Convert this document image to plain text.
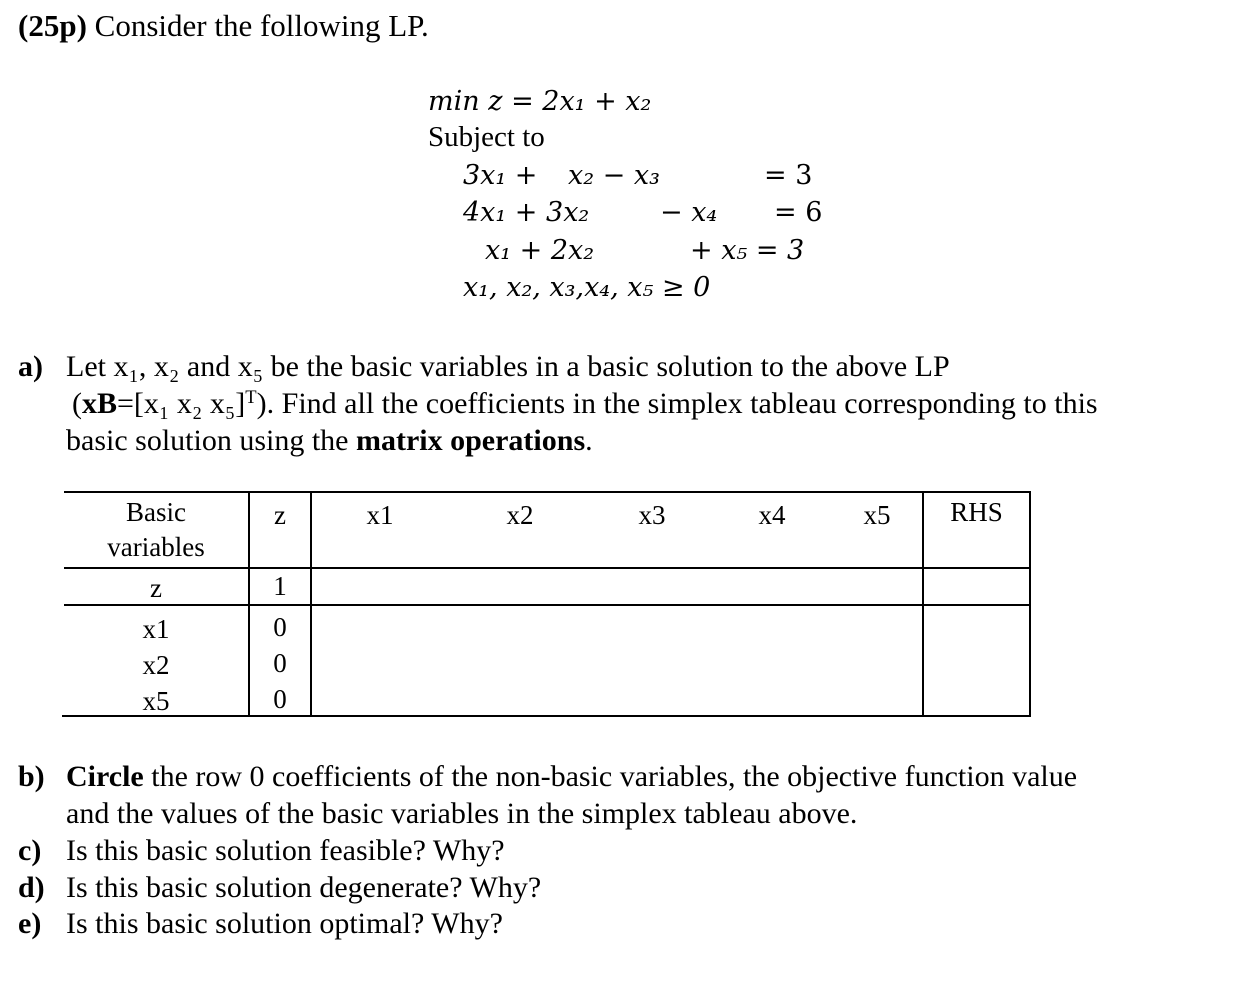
(25p) Consider the following LP.
min z = 2x₁ + x₂
Subject to
3x₁ + x₂ − x₃	= 3
4x₁ + 3x₂	− x₄ = 6
x₁ + 2x₂	+ x₅ = 3
x₁, x₂, x₃,x₄, x₅ ≥ 0
a) Let x₁, x₂ and x₅ be the basic variables in a basic solution to the above LP
(xB=[x₁ x₂ x₅]$^T$). Find all the coefficients in the simplex tableau corresponding to this
basic solution using the matrix operations.
Basic
variables
z	x1	x2	x3	x4	x5	RHS
z	1
x1	0
x2	0
x5	0
b) Circle the row 0 coefficients of the non-basic variables, the objective function value
and the values of the basic variables in the simplex tableau above.
c) Is this basic solution feasible? Why?
d) Is this basic solution degenerate? Why?
e) Is this basic solution optimal? Why?
